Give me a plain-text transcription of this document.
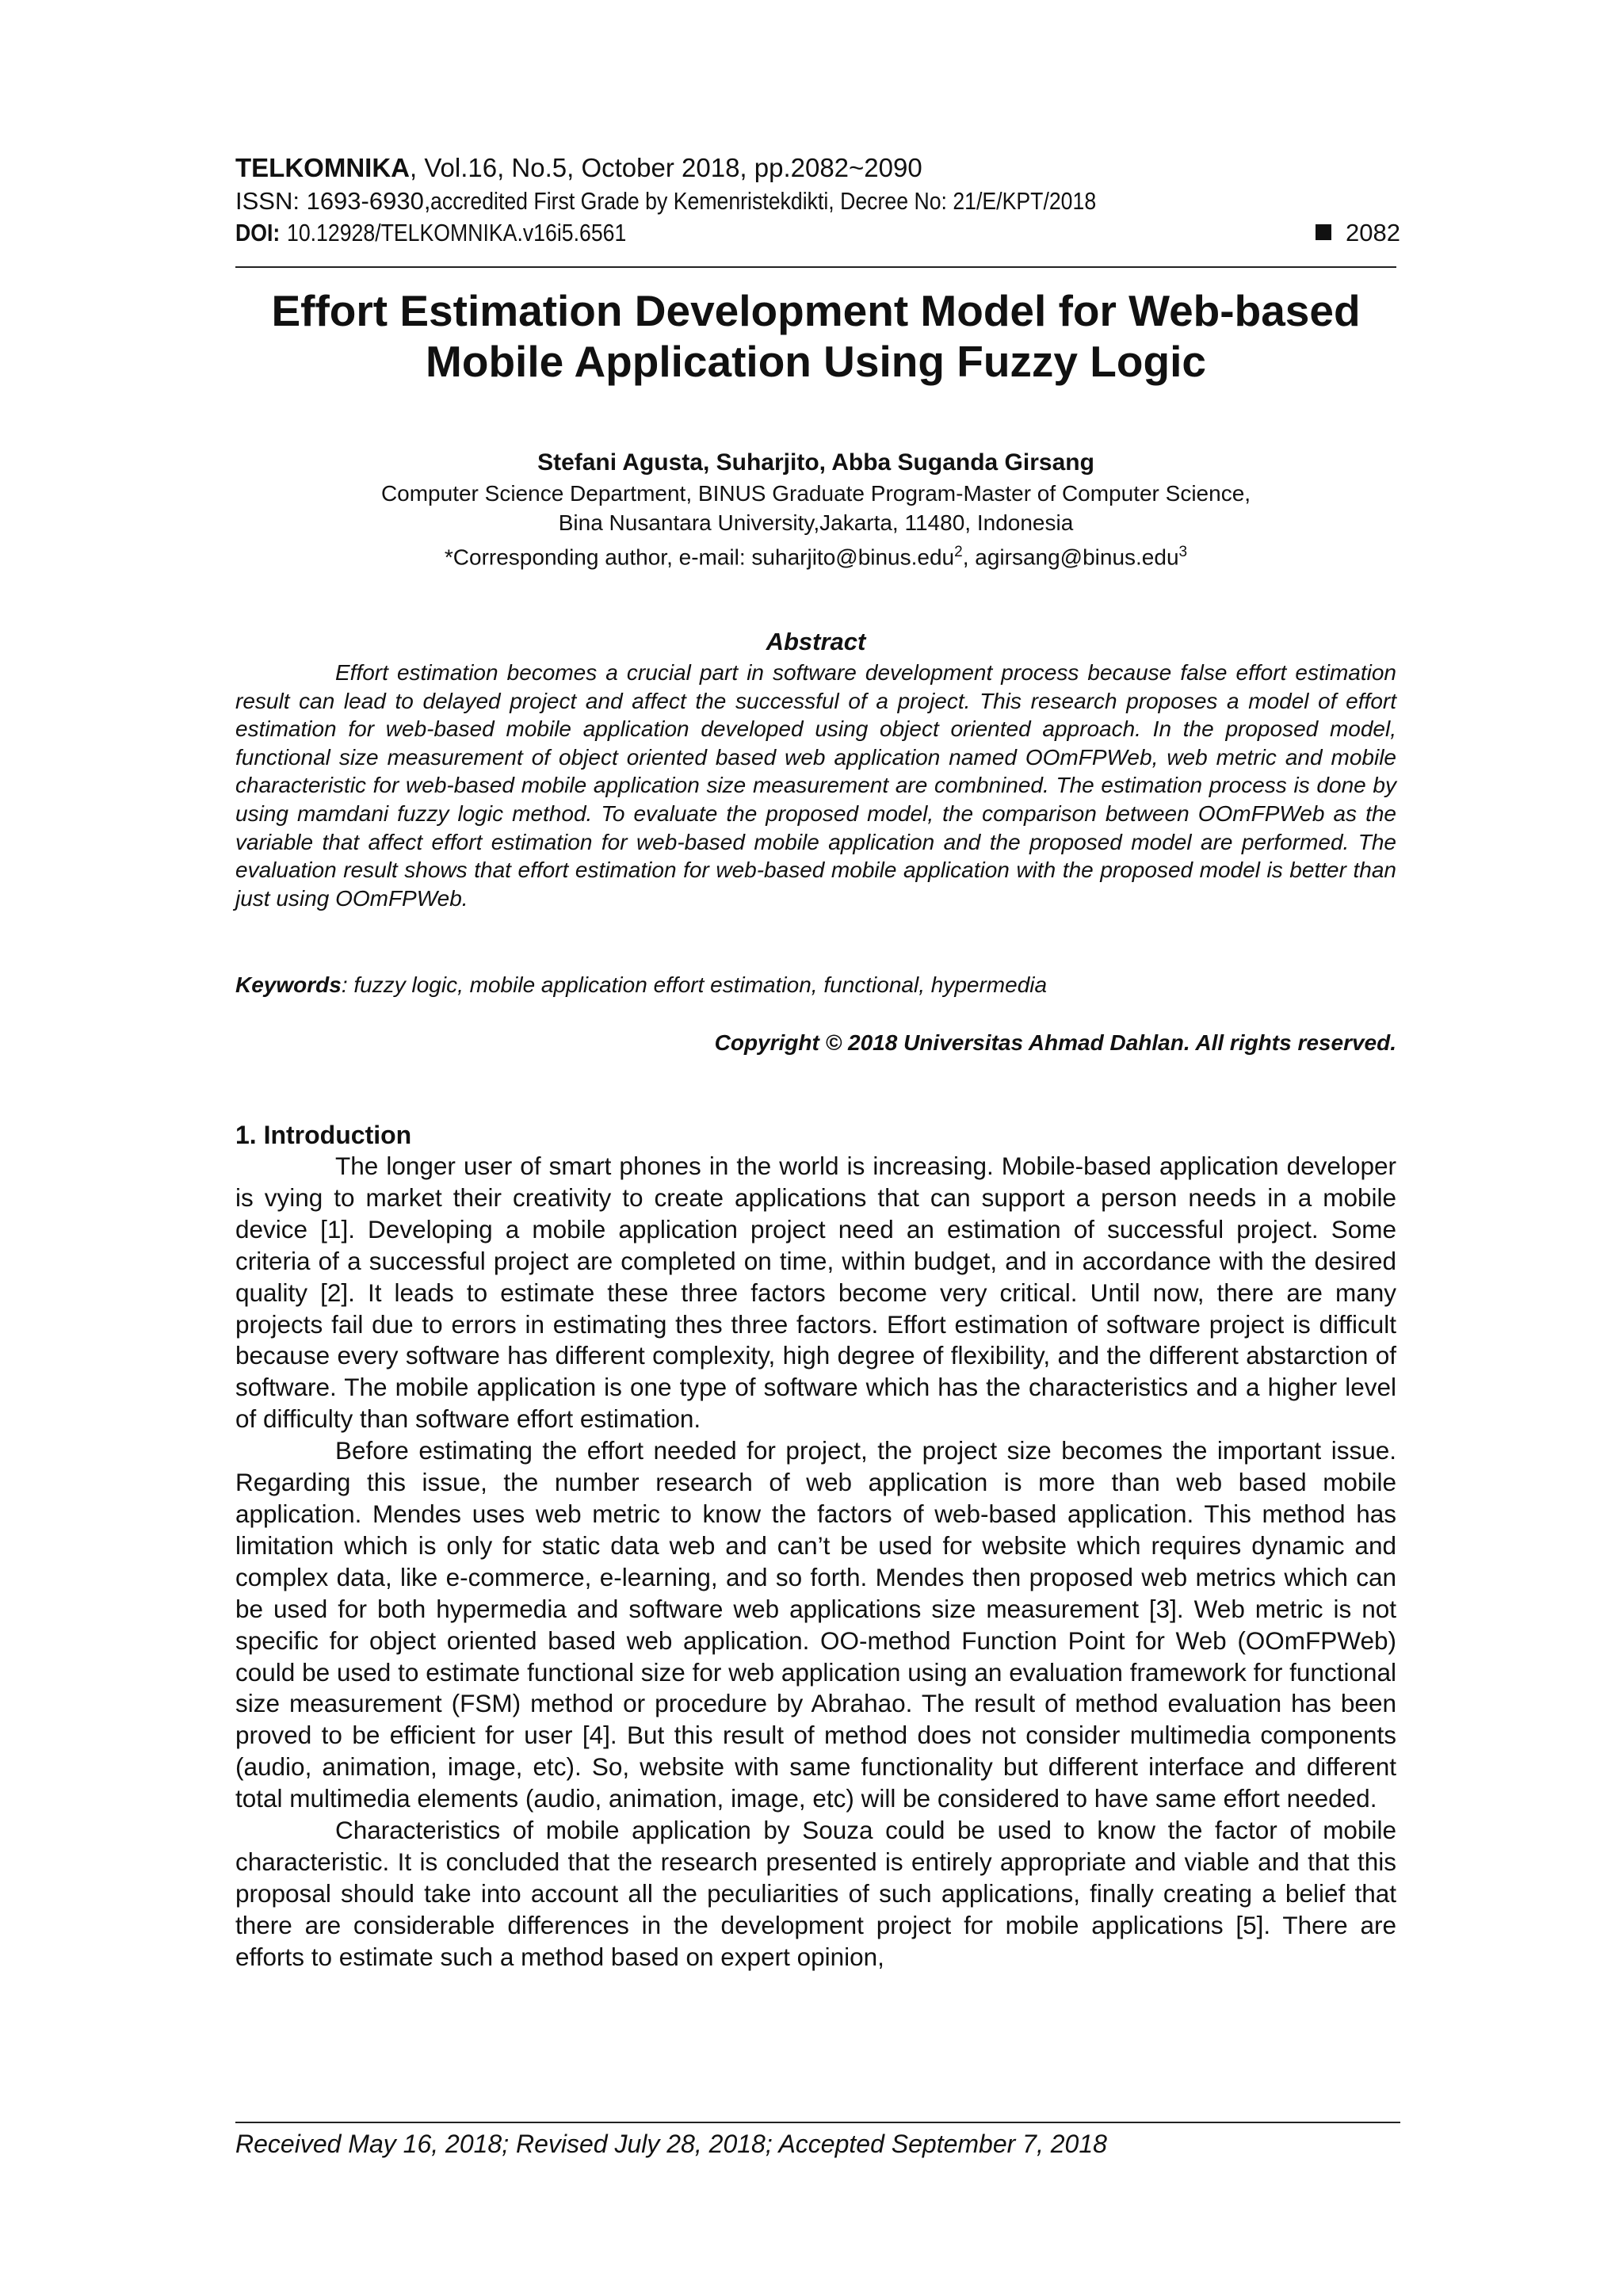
TELKOMNIKA, Vol.16, No.5, October 2018, pp.2082~2090
ISSN: 1693-6930,accredited First Grade by Kemenristekdikti, Decree No: 21/E/KPT/2018
DOI:10.12928/TELKOMNIKA.v16i5.6561	2082
Effort Estimation Development Model for Web-based
Mobile Application Using Fuzzy Logic
Stefani Agusta, Suharjito, Abba Suganda Girsang
Computer Science Department, BINUS Graduate Program-Master of Computer Science,
Bina Nusantara University,Jakarta, 11480, Indonesia
*Corresponding author, e-mail: suharjito@binus.edu$^2$, agirsang@binus.edu$^3$
Abstract

Effort estimation becomes a crucial part in software development process because false effort estimation result can lead to delayed project and affect the successful of a project. This research proposes a model of effort estimation for web-based mobile application developed using object oriented approach. In the proposed model, functional size measurement of object oriented based web application named OOmFPWeb, web metric and mobile characteristic for web-based mobile application size measurement are combnined. The estimation process is done by using mamdani fuzzy logic method. To evaluate the proposed model, the comparison between OOmFPWeb as the variable that affect effort estimation for web-based mobile application and the proposed model are performed. The evaluation result shows that effort estimation for web-based mobile application with the proposed model is better than just using OOmFPWeb.

Keywords: fuzzy logic, mobile application effort estimation, functional, hypermedia
Copyright © 2018 Universitas Ahmad Dahlan. All rights reserved.
1. Introduction

The longer user of smart phones in the world is increasing. Mobile-based application developer is vying to market their creativity to create applications that can support a person needs in a mobile device [1]. Developing a mobile application project need an estimation of successful project. Some criteria of a successful project are completed on time, within budget, and in accordance with the desired quality [2]. It leads to estimate these three factors become very critical. Until now, there are many projects fail due to errors in estimating thes three factors. Effort estimation of software project is difficult because every software has different complexity, high degree of flexibility, and the different abstarction of software. The mobile application is one type of software which has the characteristics and a higher level of difficulty than software effort estimation.

Before estimating the effort needed for project, the project size becomes the important issue. Regarding this issue, the number research of web application is more than web based mobile application. Mendes uses web metric to know the factors of web-based application. This method has limitation which is only for static data web and can’t be used for website which requires dynamic and complex data, like e-commerce, e-learning, and so forth. Mendes then proposed web metrics which can be used for both hypermedia and software web applications size measurement [3]. Web metric is not specific for object oriented based web application. OO-method Function Point for Web (OOmFPWeb) could be used to estimate functional size for web application using an evaluation framework for functional size measurement (FSM) method or procedure by Abrahao. The result of method evaluation has been proved to be efficient for user [4]. But this result of method does not consider multimedia components (audio, animation, image, etc). So, website with same functionality but different interface and different total multimedia elements (audio, animation, image, etc) will be considered to have same effort needed.

Characteristics of mobile application by Souza could be used to know the factor of mobile characteristic. It is concluded that the research presented is entirely appropriate and viable and that this proposal should take into account all the peculiarities of such applications, finally creating a belief that there are considerable differences in the development project for mobile applications [5]. There are efforts to estimate such a method based on expert opinion,

Received May 16, 2018; Revised July 28, 2018; Accepted September 7, 2018
